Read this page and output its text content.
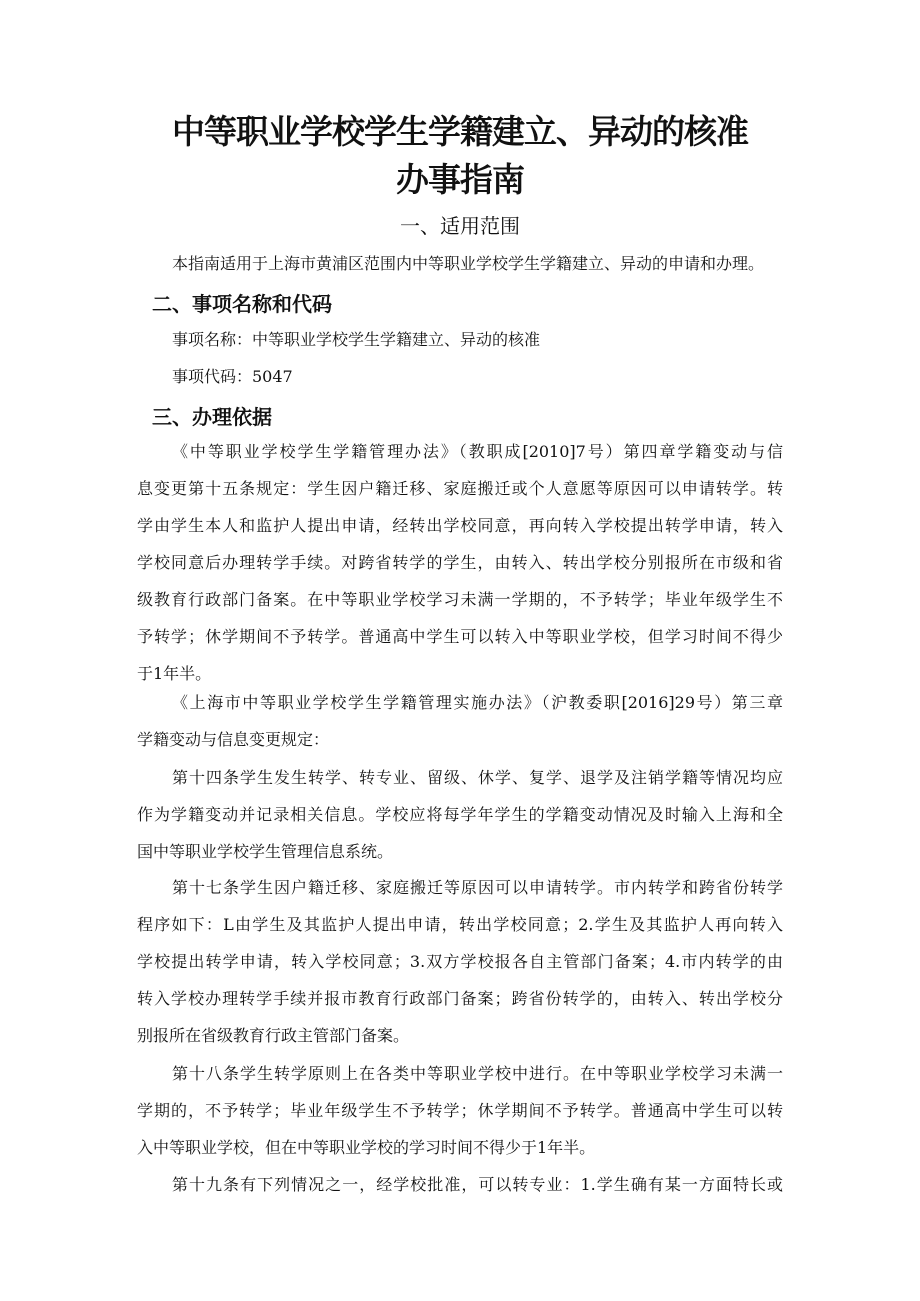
中等职业学校学生学籍建立、异动的核准
办事指南
一、适用范围
本指南适用于上海市黄浦区范围内中等职业学校学生学籍建立、异动的申请和办理。
二、事项名称和代码
事项名称：中等职业学校学生学籍建立、异动的核准
事项代码：5047
三、办理依据
《中等职业学校学生学籍管理办法》（教职成[2010]7号）第四章学籍变动与信
息变更第十五条规定：学生因户籍迁移、家庭搬迁或个人意愿等原因可以申请转学。转
学由学生本人和监护人提出申请，经转出学校同意，再向转入学校提出转学申请，转入
学校同意后办理转学手续。对跨省转学的学生，由转入、转出学校分别报所在市级和省
级教育行政部门备案。在中等职业学校学习未满一学期的，不予转学；毕业年级学生不
予转学；休学期间不予转学。普通高中学生可以转入中等职业学校，但学习时间不得少
于1年半。
《上海市中等职业学校学生学籍管理实施办法》（沪教委职[2016]29号）第三章
学籍变动与信息变更规定：
第十四条学生发生转学、转专业、留级、休学、复学、退学及注销学籍等情况均应
作为学籍变动并记录相关信息。学校应将每学年学生的学籍变动情况及时输入上海和全
国中等职业学校学生管理信息系统。
第十七条学生因户籍迁移、家庭搬迁等原因可以申请转学。市内转学和跨省份转学
程序如下：L由学生及其监护人提出申请，转出学校同意；2.学生及其监护人再向转入
学校提出转学申请，转入学校同意；3.双方学校报各自主管部门备案；4.市内转学的由
转入学校办理转学手续并报市教育行政部门备案；跨省份转学的，由转入、转出学校分
别报所在省级教育行政主管部门备案。
第十八条学生转学原则上在各类中等职业学校中进行。在中等职业学校学习未满一
学期的，不予转学；毕业年级学生不予转学；休学期间不予转学。普通高中学生可以转
入中等职业学校，但在中等职业学校的学习时间不得少于1年半。
第十九条有下列情况之一，经学校批准，可以转专业：1.学生确有某一方面特长或
